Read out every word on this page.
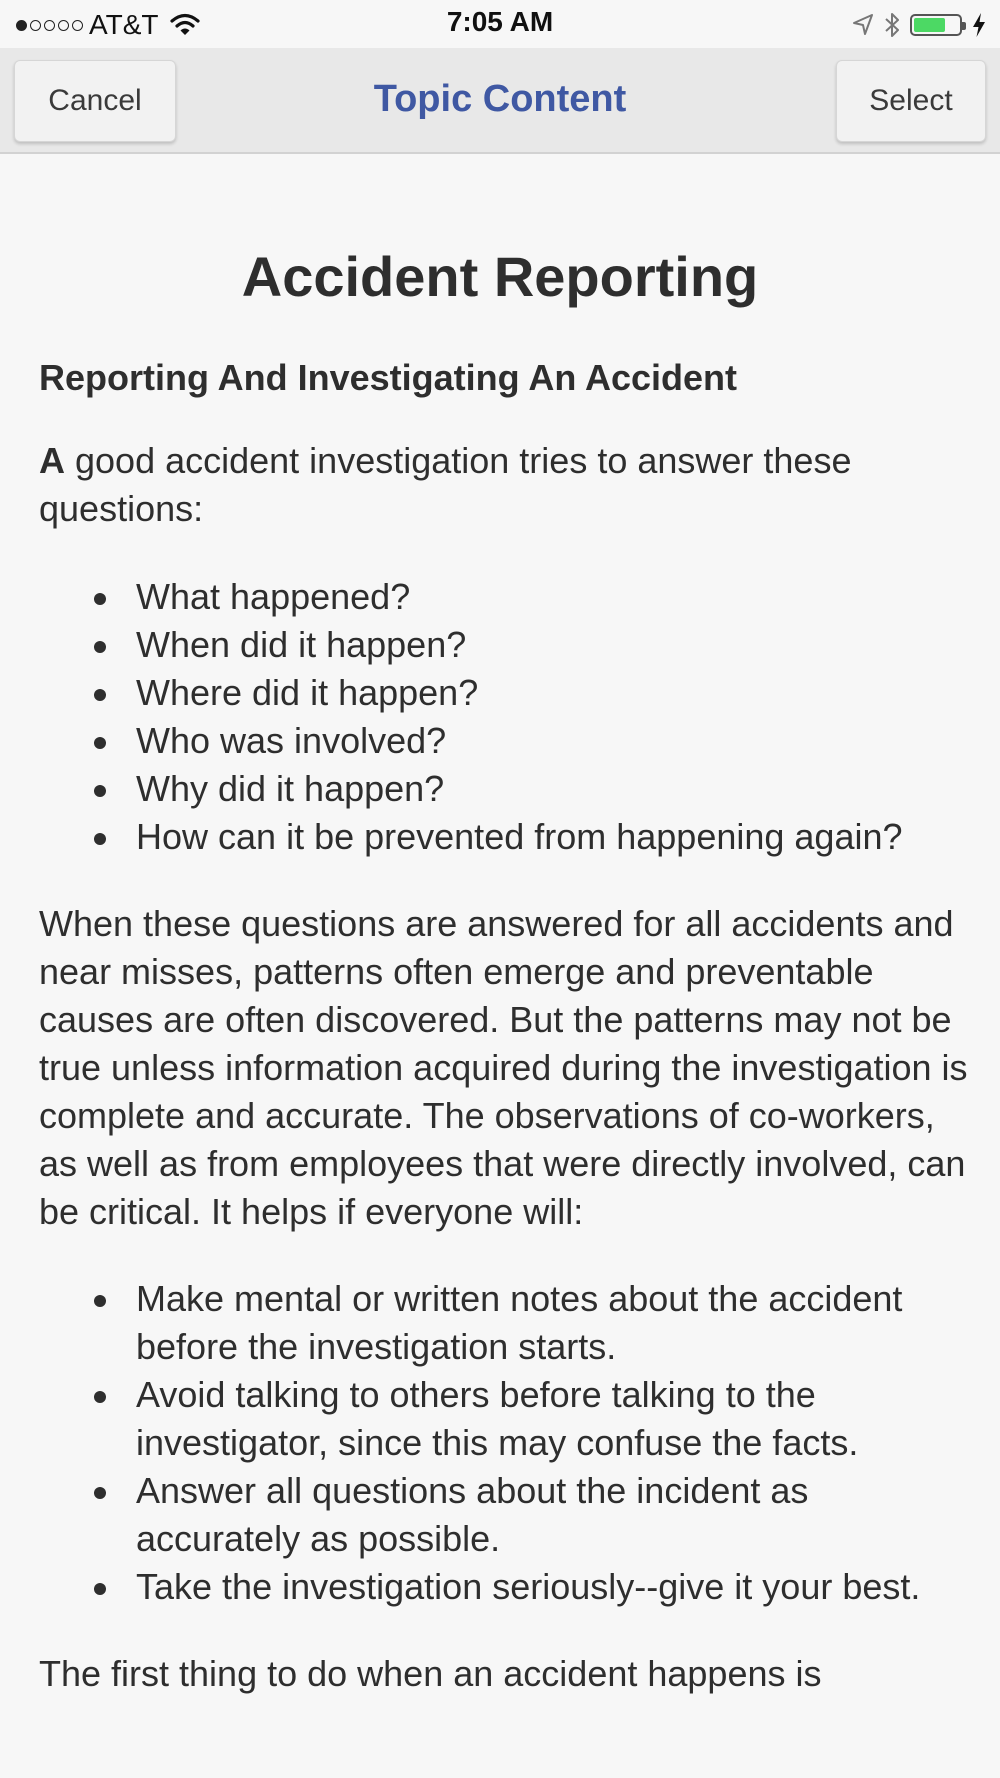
AT&T	7:05 AM
Cancel	Topic Content	Select
Accident Reporting
Reporting And Investigating An Accident

A good accident investigation tries to answer these questions:

What happened?
When did it happen?
Where did it happen?
Who was involved?
Why did it happen?
How can it be prevented from happening again?

When these questions are answered for all accidents and near misses, patterns often emerge and preventable causes are often discovered. But the patterns may not be true unless information acquired during the investigation is complete and accurate. The observations of co-workers, as well as from employees that were directly involved, can be critical. It helps if everyone will:

Make mental or written notes about the accident before the investigation starts.
Avoid talking to others before talking to the investigator, since this may confuse the facts.
Answer all questions about the incident as accurately as possible.
Take the investigation seriously--give it your best.

The first thing to do when an accident happens is
